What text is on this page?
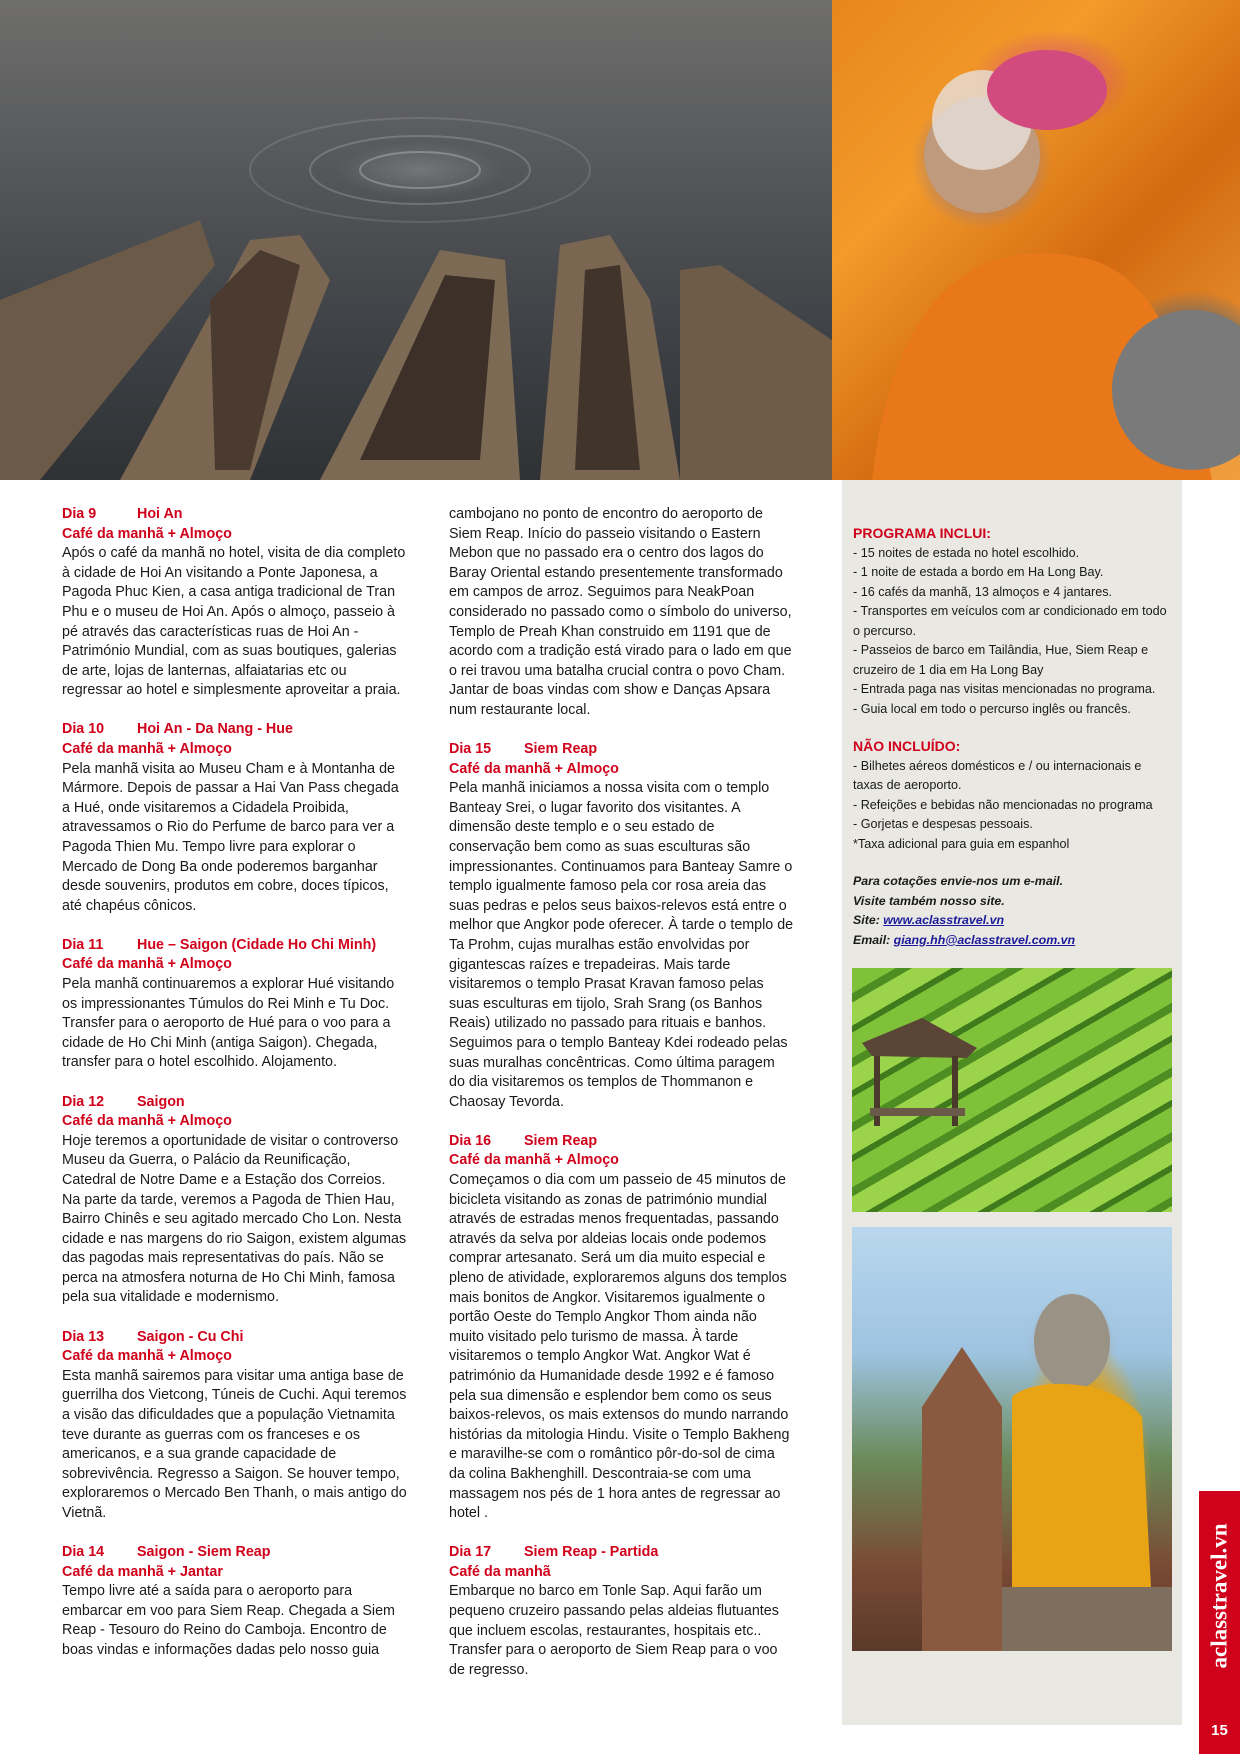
Dia 9	Hoi An
Café da manhã + Almoço

Após o café da manhã no hotel, visita de dia completo à cidade de Hoi An visitando a Ponte Japonesa, a Pagoda Phuc Kien, a casa antiga tradicional de Tran Phu e o museu de Hoi An. Após o almoço, passeio à pé através das características ruas de Hoi An - Património Mundial, com as suas boutiques, galerias de arte, lojas de lanternas, alfaiatarias etc ou regressar ao hotel e simplesmente aproveitar a praia.

Dia 10	Hoi An - Da Nang - Hue
Café da manhã + Almoço

Pela manhã visita ao Museu Cham e à Montanha de Mármore. Depois de passar a Hai Van Pass chegada a Hué, onde visitaremos a Cidadela Proibida, atravessamos o Rio do Perfume de barco para ver a Pagoda Thien Mu. Tempo livre para explorar o Mercado de Dong Ba onde poderemos barganhar desde souvenirs, produtos em cobre, doces típicos, até chapéus cônicos.

Dia 11	Hue – Saigon (Cidade Ho Chi Minh)
Café da manhã + Almoço

Pela manhã continuaremos a explorar Hué visitando os impressionantes Túmulos do Rei Minh e Tu Doc. Transfer para o aeroporto de Hué para o voo para a cidade de Ho Chi Minh (antiga Saigon). Chegada, transfer para o hotel escolhido. Alojamento.

Dia 12	Saigon
Café da manhã + Almoço

Hoje teremos a oportunidade de visitar o controverso Museu da Guerra, o Palácio da Reunificação, Catedral de Notre Dame e a Estação dos Correios. Na parte da tarde, veremos a Pagoda de Thien Hau, Bairro Chinês e seu agitado mercado Cho Lon. Nesta cidade e nas margens do rio Saigon, existem algumas das pagodas mais representativas do país. Não se perca na atmosfera noturna de Ho Chi Minh, famosa pela sua vitalidade e modernismo.

Dia 13	Saigon - Cu Chi
Café da manhã + Almoço

Esta manhã sairemos para visitar uma antiga base de guerrilha dos Vietcong, Túneis de Cuchi. Aqui teremos a visão das dificuldades que a população Vietnamita teve durante as guerras com os franceses e os americanos, e a sua grande capacidade de sobrevivência. Regresso a Saigon. Se houver tempo, exploraremos o Mercado Ben Thanh, o mais antigo do Vietnã.

Dia 14	Saigon - Siem Reap
Café da manhã + Jantar

Tempo livre até a saída para o aeroporto para embarcar em voo para Siem Reap. Chegada a Siem Reap - Tesouro do Reino do Camboja. Encontro de boas vindas e informações dadas pelo nosso guia

cambojano no ponto de encontro do aeroporto de Siem Reap. Início do passeio visitando o Eastern Mebon que no passado era o centro dos lagos do Baray Oriental estando presentemente transformado em campos de arroz. Seguimos para NeakPoan considerado no passado como o símbolo do universo, Templo de Preah Khan construido em 1191 que de acordo com a tradição está virado para o lado em que o rei travou uma batalha crucial contra o povo Cham. Jantar de boas vindas com show e Danças Apsara num restaurante local.

Dia 15	Siem Reap
Café da manhã + Almoço

Pela manhã iniciamos a nossa visita com o templo Banteay Srei, o lugar favorito dos visitantes. A dimensão deste templo e o seu estado de conservação bem como as suas esculturas são impressionantes. Continuamos para Banteay Samre o templo igualmente famoso pela cor rosa areia das suas pedras e pelos seus baixos-relevos está entre o melhor que Angkor pode oferecer. À tarde o templo de Ta Prohm, cujas muralhas estão envolvidas por gigantescas raízes e trepadeiras. Mais tarde visitaremos o templo Prasat Kravan famoso pelas suas esculturas em tijolo, Srah Srang (os Banhos Reais) utilizado no passado para rituais e banhos. Seguimos para o templo Banteay Kdei rodeado pelas suas muralhas concêntricas. Como última paragem do dia visitaremos os templos de Thommanon e Chaosay Tevorda.

Dia 16	Siem Reap
Café da manhã + Almoço

Começamos o dia com um passeio de 45 minutos de bicicleta visitando as zonas de património mundial através de estradas menos frequentadas, passando através da selva por aldeias locais onde podemos comprar artesanato. Será um dia muito especial e pleno de atividade, exploraremos alguns dos templos mais bonitos de Angkor. Visitaremos igualmente o portão Oeste do Templo Angkor Thom ainda não muito visitado pelo turismo de massa. À tarde visitaremos o templo Angkor Wat. Angkor Wat é património da Humanidade desde 1992 e é famoso pela sua dimensão e esplendor bem como os seus baixos-relevos, os mais extensos do mundo narrando histórias da mitologia Hindu. Visite o Templo Bakheng e maravilhe-se com o romântico pôr-do-sol de cima da colina Bakhenghill. Descontraia-se com uma massagem nos pés de 1 hora antes de regressar ao hotel .

Dia 17	Siem Reap - Partida
Café da manhã

Embarque no barco em Tonle Sap. Aqui farão um pequeno cruzeiro passando pelas aldeias flutuantes que incluem escolas, restaurantes, hospitais etc.. Transfer para o aeroporto de Siem Reap para o voo de regresso.

PROGRAMA INCLUI:
- 15 noites de estada no hotel escolhido.
- 1 noite de estada a bordo em Ha Long Bay.
- 16 cafés da manhã, 13 almoços e 4 jantares.
- Transportes em veículos com ar condicionado em todo o percurso.
- Passeios de barco em Tailândia, Hue, Siem Reap e cruzeiro de 1 dia em Ha Long Bay
- Entrada paga nas visitas mencionadas no programa.
- Guia local em todo o percurso inglês ou francês.
NÃO INCLUÍDO:
- Bilhetes aéreos domésticos e / ou internacionais e taxas de aeroporto.
- Refeições e bebidas não mencionadas no programa
- Gorjetas e despesas pessoais.
*Taxa adicional para guia em espanhol
Para cotações envie-nos um e-mail.
Visite também nosso site.
Site: www.aclasstravel.vn
Email: giang.hh@aclasstravel.com.vn
aclasstravel.vn
15
